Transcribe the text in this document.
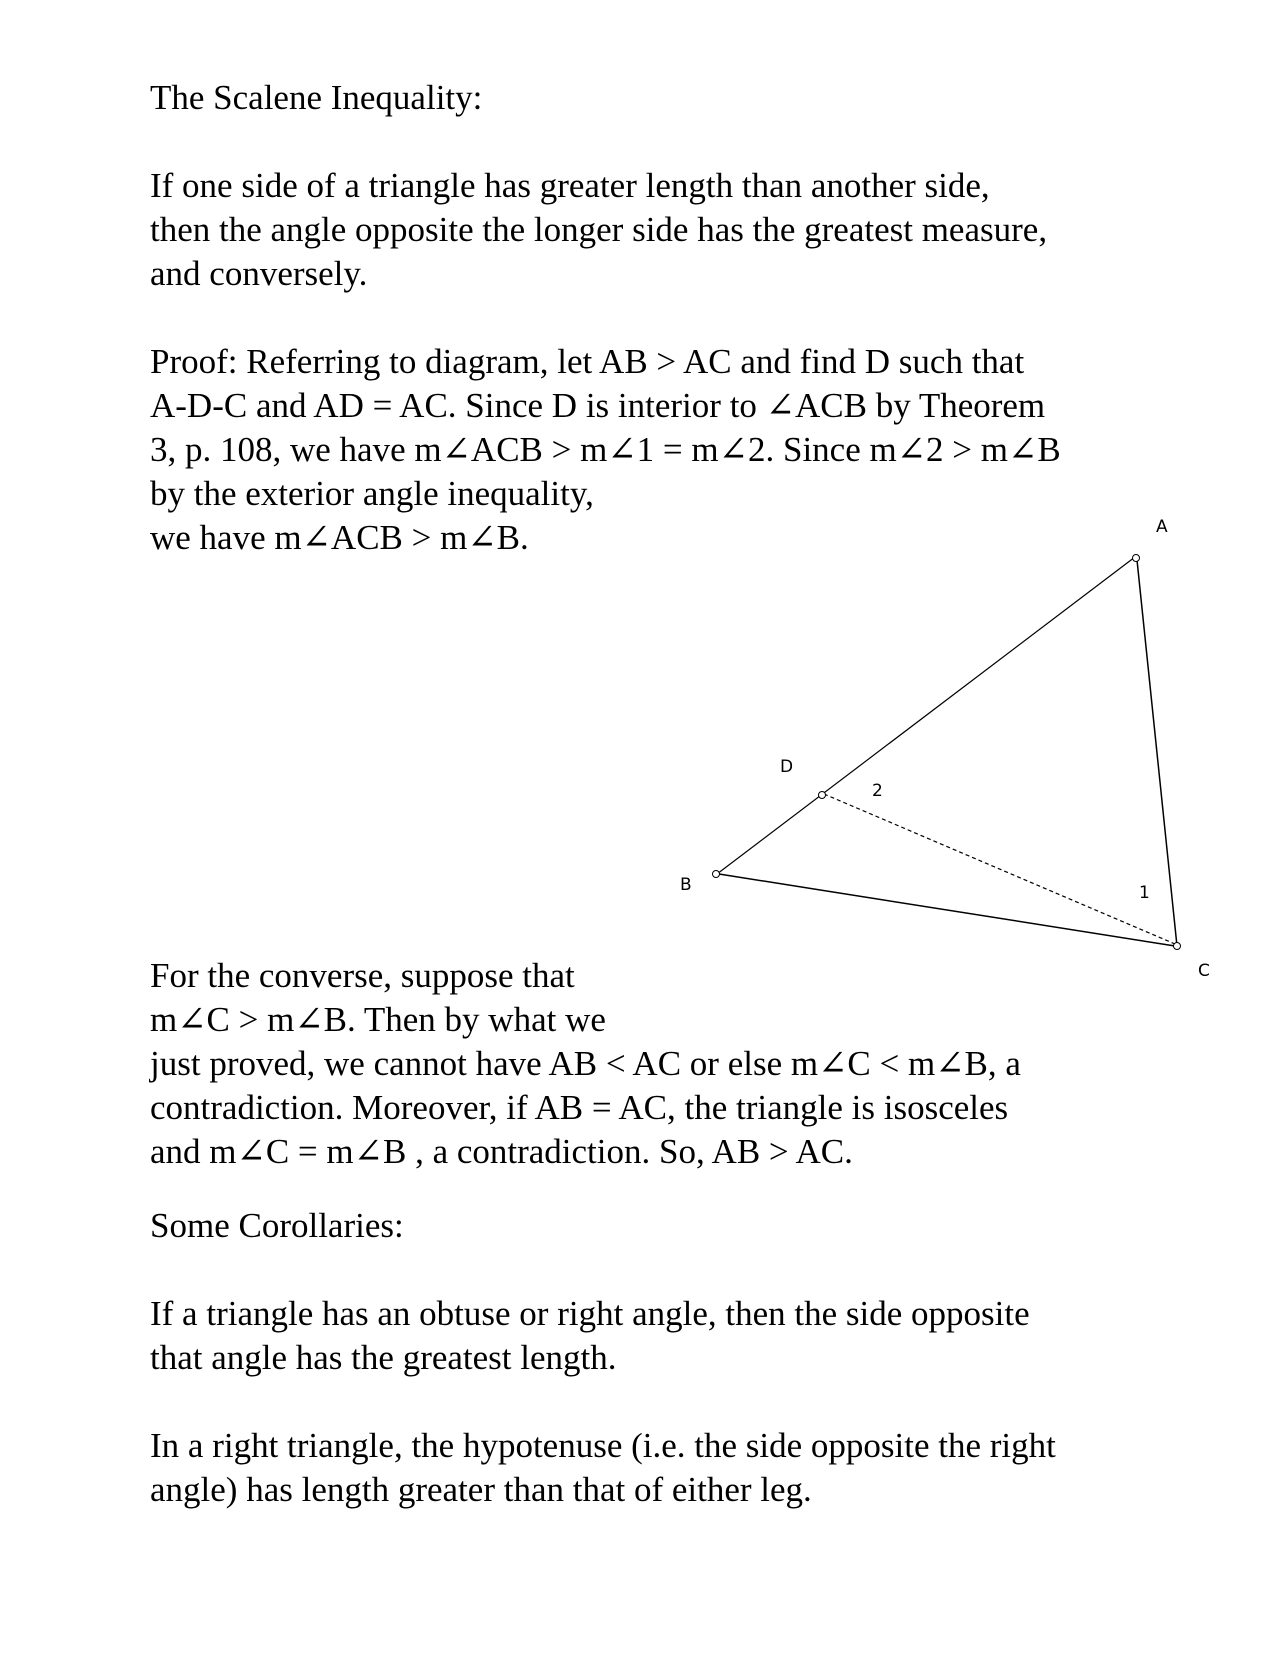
The Scalene Inequality:
If one side of a triangle has greater length than another side,
then the angle opposite the longer side has the greatest measure,
and conversely.
Proof: Referring to diagram, let AB > AC and find D such that
A-D-C and AD = AC. Since D is interior to ∠ACB by Theorem
3, p. 108, we have m∠ACB > m∠1 = m∠2. Since m∠2 > m∠B
by the exterior angle inequality,
we have m∠ACB > m∠B.	A
B
C
D
1
2
For the converse, suppose that
m∠C > m∠B. Then by what we
just proved, we cannot have AB < AC or else m∠C < m∠B, a
contradiction. Moreover, if AB = AC, the triangle is isosceles
and m∠C = m∠B , a contradiction. So, AB > AC.
Some Corollaries:
If a triangle has an obtuse or right angle, then the side opposite
that angle has the greatest length.
In a right triangle, the hypotenuse (i.e. the side opposite the right
angle) has length greater than that of either leg.
